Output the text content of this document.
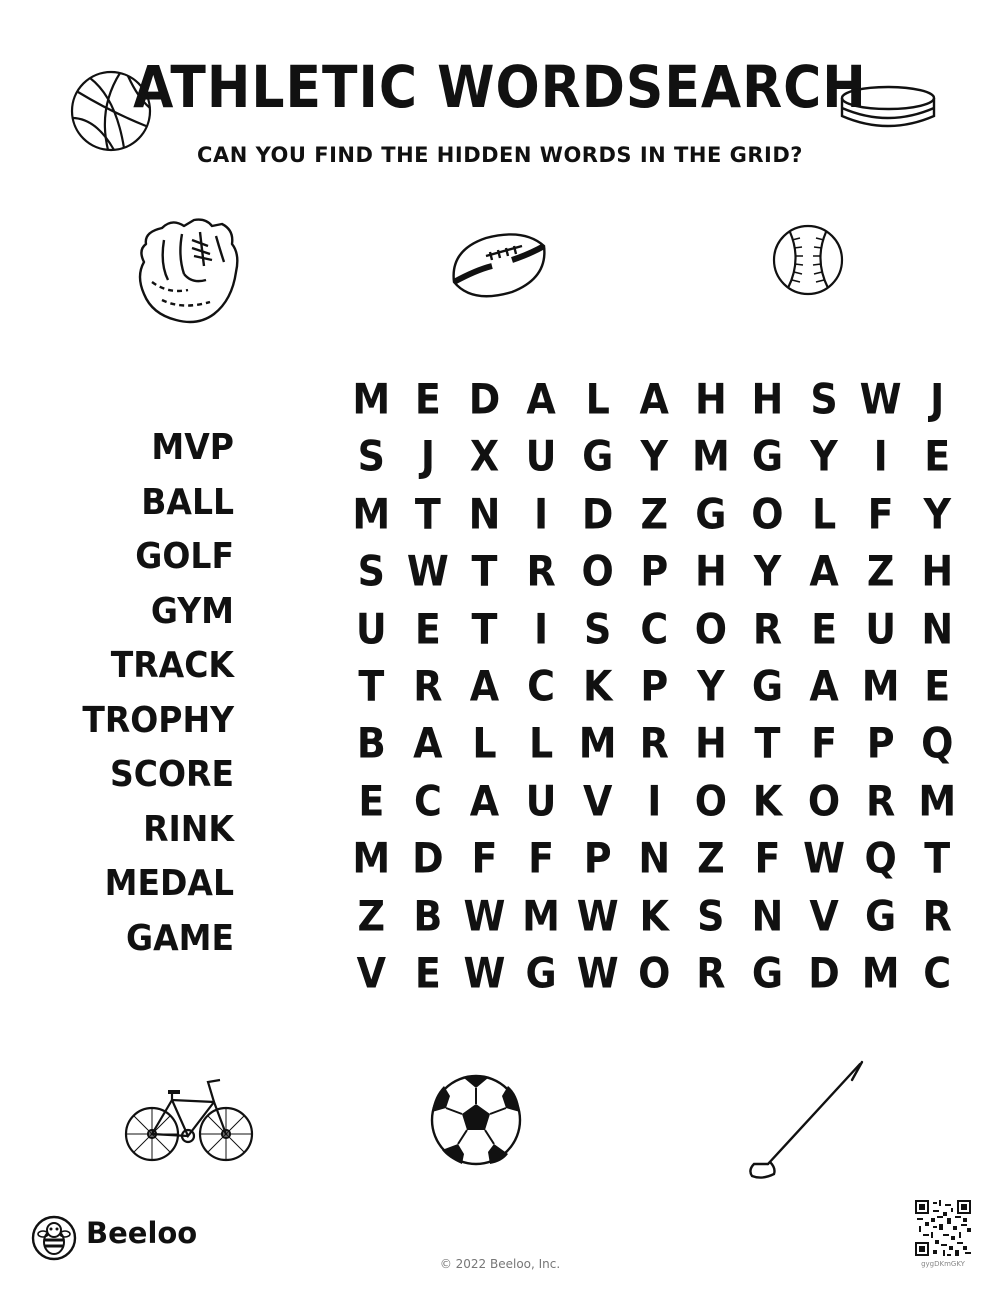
ATHLETIC WORDSEARCH
CAN YOU FIND THE HIDDEN WORDS IN THE GRID?
MVP
BALL
GOLF
GYM
TRACK
TROPHY
SCORE
RINK
MEDAL
GAME
M E D A L A H H S W J
S J X U G Y M G Y I E
M T N I D Z G O L F Y
S W T R O P H Y A Z H
U E T I S C O R E U N
T R A C K P Y G A M E
B A L L M R H T F P Q
E C A U V I O K O R M
M D F F P N Z F W Q T
Z B W M W K S N V G R
V E W G W O R G D M C
Beeloo
© 2022 Beeloo, Inc.	gygDKmGKY
